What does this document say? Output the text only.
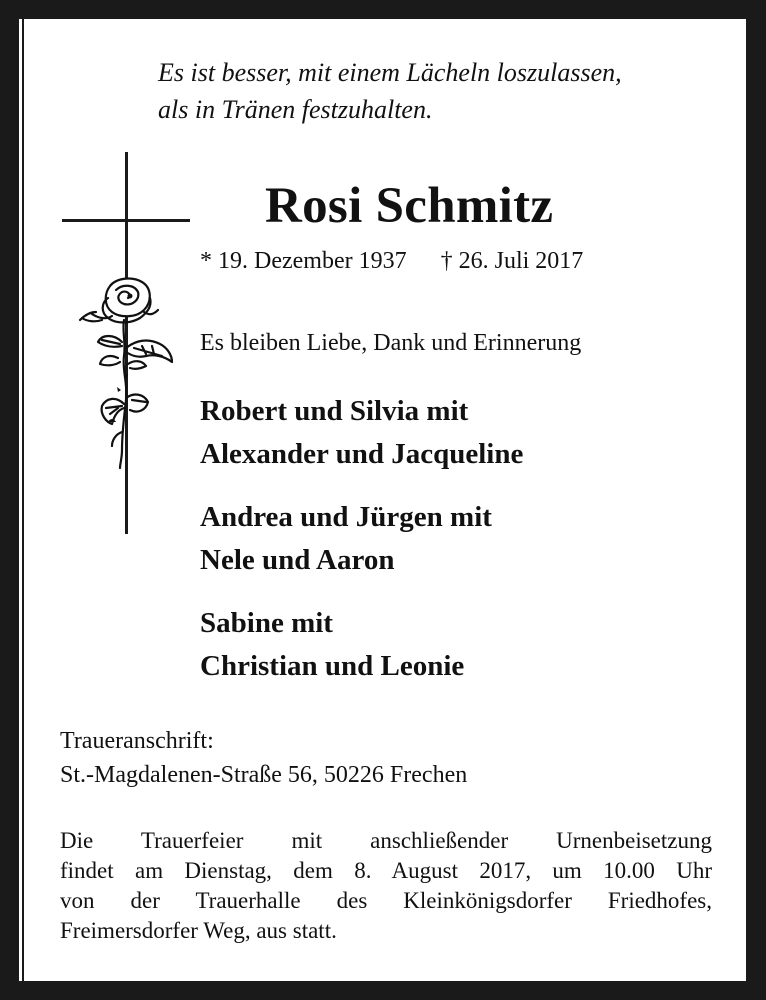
Es ist besser, mit einem Lächeln loszulassen,
als in Tränen festzuhalten.
Rosi Schmitz
* 19. Dezember 1937 † 26. Juli 2017
Es bleiben Liebe, Dank und Erinnerung
Robert und Silvia mit
Alexander und Jacqueline
Andrea und Jürgen mit
Nele und Aaron
Sabine mit
Christian und Leonie
Traueranschrift:
St.-Magdalenen-Straße 56, 50226 Frechen
Die Trauerfeier mit anschließender Urnenbeisetzung
findet am Dienstag, dem 8. August 2017, um 10.00 Uhr
von der Trauerhalle des Kleinkönigsdorfer Friedhofes,
Freimersdorfer Weg, aus statt.
